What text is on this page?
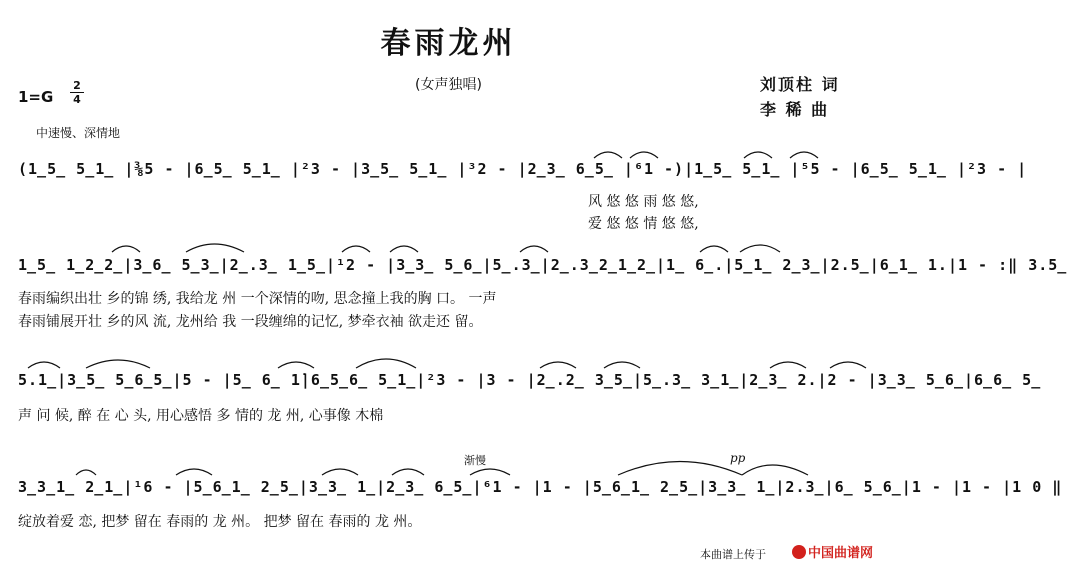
春雨龙州
(女声独唱)	刘顶柱 词
李 稀 曲
1=G
2
4
中速慢、深情地
(1̲5̲ 5̲1̲ |⅜5 - |6̲5̲ 5̲1̲ |²3 - |3̲5̲ 5̲1̲ |³2 - |2̲3̲ 6̲5̲ |⁶1 -)|1̲5̲ 5̲1̲ |⁵5 - |6̲5̲ 5̲1̲ |²3 - |
风 悠 悠 雨 悠 悠,
爱 悠 悠 情 悠 悠,
1̲5̲ 1̲2̲2̲|3̲6̲ 5̲3̲|2̲.3̲ 1̲5̲|¹2 - |3̲3̲ 5̲6̲|5̲.3̲|2̲.3̲2̲1̲2̲|1̲ 6̲.|5̲1̲ 2̲3̲|2.5̲|6̲1̲ 1.|1 - :‖ 3.5̲
春雨编织出壮 乡的锦 绣, 我给龙 州 一个深情的吻, 思念撞上我的胸 口。 一声
春雨铺展开壮 乡的风 流, 龙州给 我 一段缠绵的记忆, 梦牵衣袖 欲走还 留。
5.1̲|3̲5̲ 5̲6̲5̲|5 - |5̲ 6̲ 1̇|6̲5̲6̲ 5̲1̲|²3 - |3 - |2̲.2̲ 3̲5̲|5̲.3̲ 3̲1̲|2̲3̲ 2.|2 - |3̲3̲ 5̲6̲|6̲6̲ 5̲
声 问 候, 醉 在 心 头, 用心感悟 多 情的 龙 州, 心事像 木棉
渐慢	pp
3̲3̲1̲ 2̲1̲|¹6 - |5̲6̲1̲ 2̲5̲|3̲3̲ 1̲|2̲3̲ 6̲5̲|⁶1 - |1 - |5̲6̲1̲ 2̲5̲|3̲3̲ 1̲|2.3̲|6̲ 5̲6̲|1 - |1 - |1 0 ‖
绽放着爱 恋, 把梦 留在 春雨的 龙 州。 把梦 留在 春雨的 龙 州。
本曲谱上传于	中国曲谱网
